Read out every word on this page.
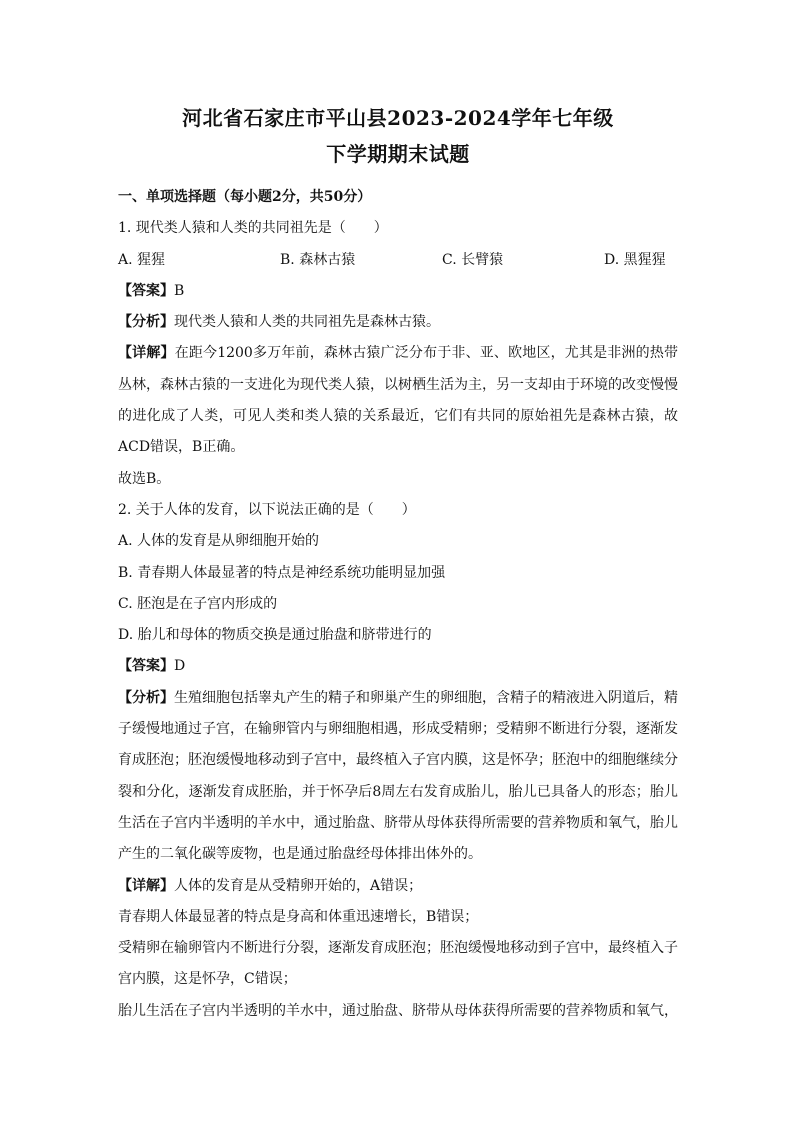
河北省石家庄市平山县2023-2024学年七年级
下学期期末试题

一、单项选择题（每小题2分，共50分）

1. 现代类人猿和人类的共同祖先是（　　）

A. 猩猩	B. 森林古猿	C. 长臂猿	D. 黑猩猩

【答案】B

【分析】现代类人猿和人类的共同祖先是森林古猿。

【详解】在距今1200多万年前，森林古猿广泛分布于非、亚、欧地区，尤其是非洲的热带丛林，森林古猿的一支进化为现代类人猿，以树栖生活为主，另一支却由于环境的改变慢慢的进化成了人类，可见人类和类人猿的关系最近，它们有共同的原始祖先是森林古猿，故ACD错误，B正确。

故选B。

2. 关于人体的发育，以下说法正确的是（　　）

A. 人体的发育是从卵细胞开始的

B. 青春期人体最显著的特点是神经系统功能明显加强

C. 胚泡是在子宫内形成的

D. 胎儿和母体的物质交换是通过胎盘和脐带进行的

【答案】D

【分析】生殖细胞包括睾丸产生的精子和卵巢产生的卵细胞，含精子的精液进入阴道后，精子缓慢地通过子宫，在输卵管内与卵细胞相遇，形成受精卵；受精卵不断进行分裂，逐渐发育成胚泡；胚泡缓慢地移动到子宫中，最终植入子宫内膜，这是怀孕；胚泡中的细胞继续分裂和分化，逐渐发育成胚胎，并于怀孕后8周左右发育成胎儿，胎儿已具备人的形态；胎儿生活在子宫内半透明的羊水中，通过胎盘、脐带从母体获得所需要的营养物质和氧气，胎儿产生的二氧化碳等废物，也是通过胎盘经母体排出体外的。

【详解】人体的发育是从受精卵开始的，A错误；

青春期人体最显著的特点是身高和体重迅速增长，B错误；

受精卵在输卵管内不断进行分裂，逐渐发育成胚泡；胚泡缓慢地移动到子宫中，最终植入子宫内膜，这是怀孕，C错误；

胎儿生活在子宫内半透明的羊水中，通过胎盘、脐带从母体获得所需要的营养物质和氧气，
